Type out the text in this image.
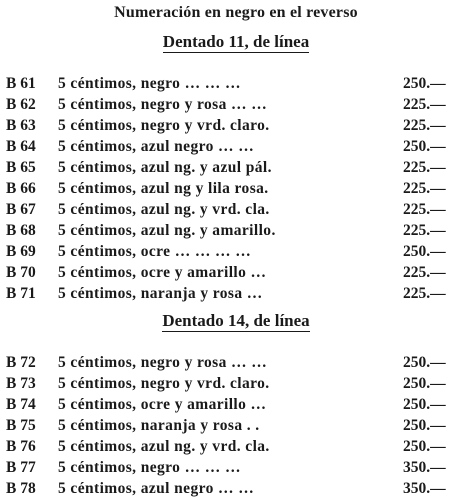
Numeración en negro en el reverso
Dentado 11, de línea
B 61 5 céntimos, negro … … …	250.—
B 62 5 céntimos, negro y rosa … …	225.—
B 63 5 céntimos, negro y vrd. claro.	225.—
B 64 5 céntimos, azul negro … …	250.—
B 65 5 céntimos, azul ng. y azul pál.	225.—
B 66 5 céntimos, azul ng y lila rosa.	225.—
B 67 5 céntimos, azul ng. y vrd. cla.	225.—
B 68 5 céntimos, azul ng. y amarillo.	225.—
B 69 5 céntimos, ocre … … … …	250.—
B 70 5 céntimos, ocre y amarillo …	225.—
B 71 5 céntimos, naranja y rosa …	225.—
Dentado 14, de línea
B 72 5 céntimos, negro y rosa … …	250.—
B 73 5 céntimos, negro y vrd. claro.	250.—
B 74 5 céntimos, ocre y amarillo …	250.—
B 75 5 céntimos, naranja y rosa . .	250.—
B 76 5 céntimos, azul ng. y vrd. cla.	250.—
B 77 5 céntimos, negro … … …	350.—
B 78 5 céntimos, azul negro … …	350.—
